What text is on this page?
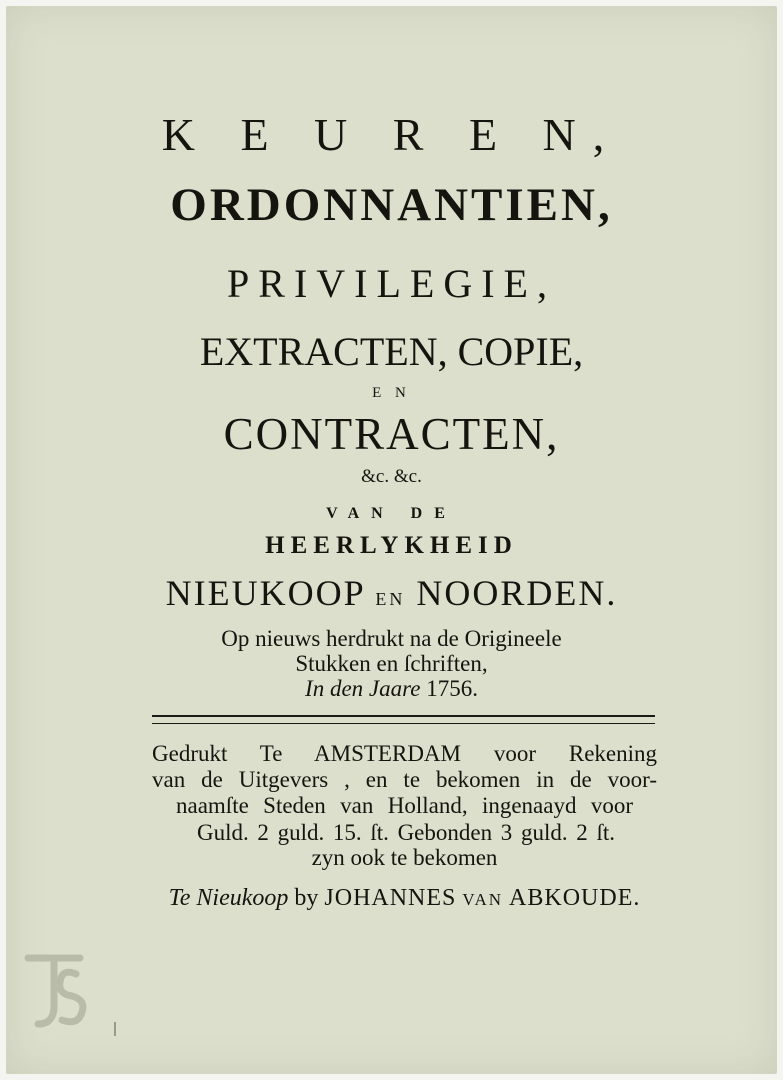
K E U R E N,
ORDONNANTIEN,
PRIVILEGIE,
EXTRACTEN, COPIE,
E N
CONTRACTEN,
&c. &c.
VAN DE
HEERLYKHEID
NIEUKOOP EN NOORDEN.
Op nieuws herdrukt na de Origineele
Stukken en ſchriften,
In den Jaare 1756.
Gedrukt Te AMSTERDAM voor Rekening
van de Uitgevers , en te bekomen in de voor-
naamſte Steden van Holland, ingenaayd voor
Guld. 2 guld. 15. ſt. Gebonden 3 guld. 2 ſt.
zyn ook te bekomen
Te Nieukoop by JOHANNES VAN ABKOUDE.
